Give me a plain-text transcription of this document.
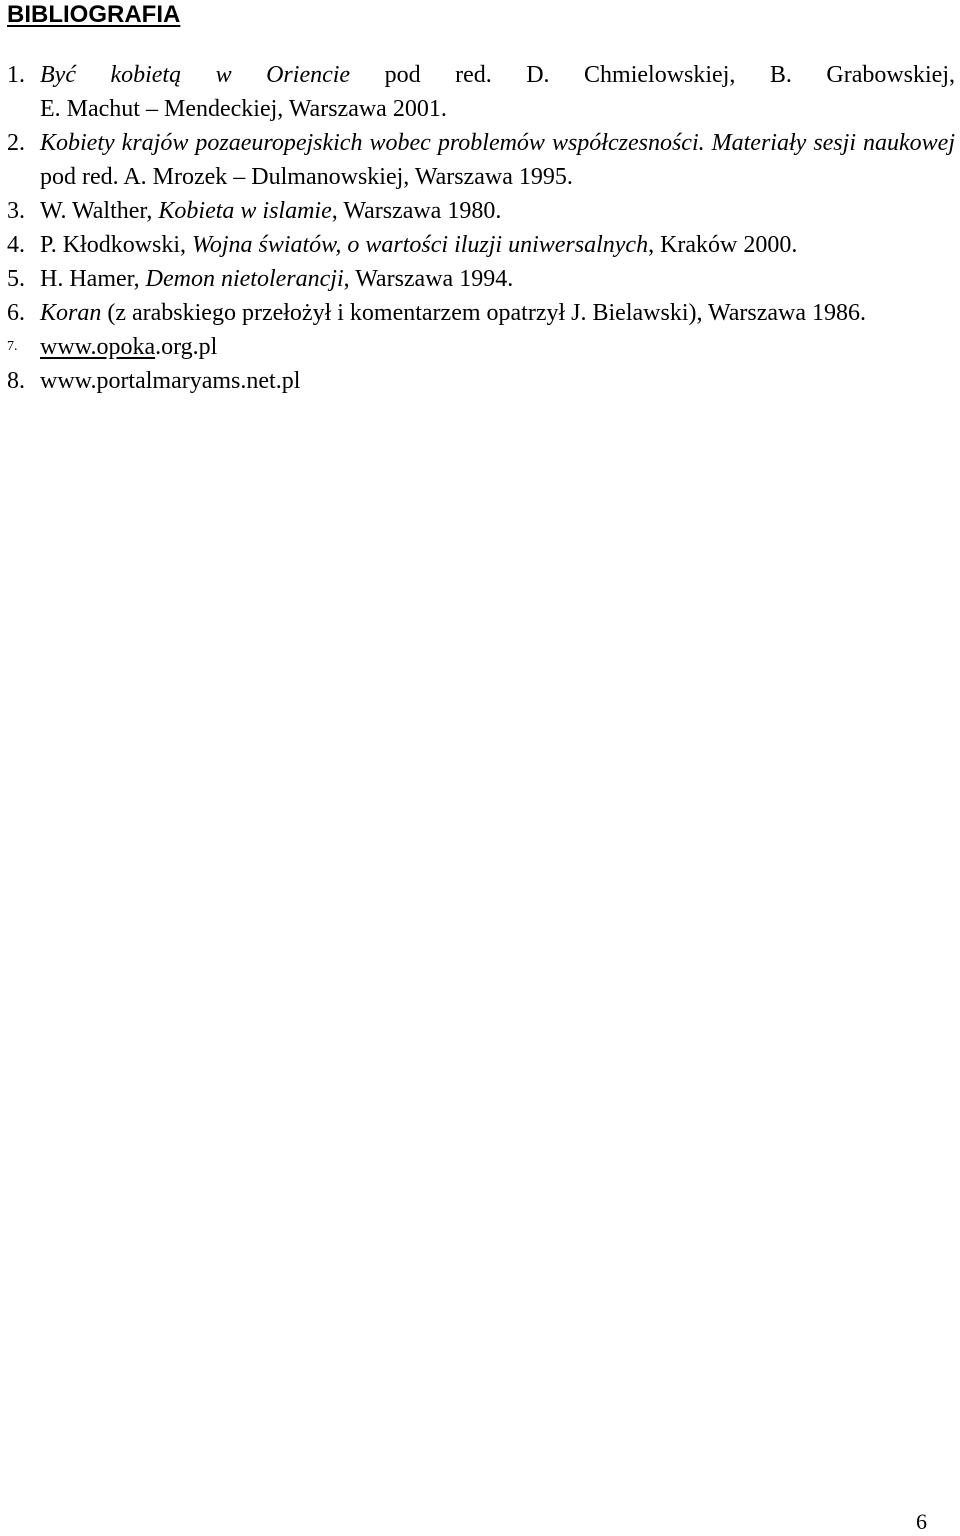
BIBLIOGRAFIA

1. Być kobietą w Oriencie pod red. D. Chmielowskiej, B. Grabowskiej,

E. Machut – Mendeckiej, Warszawa 2001.

2. Kobiety krajów pozaeuropejskich wobec problemów współczesności. Materiały sesji naukowej pod red. A. Mrozek – Dulmanowskiej, Warszawa 1995.

3. W. Walther, Kobieta w islamie, Warszawa 1980.

4. P. Kłodkowski, Wojna światów, o wartości iluzji uniwersalnych, Kraków 2000.

5. H. Hamer, Demon nietolerancji, Warszawa 1994.

6. Koran (z arabskiego przełożył i komentarzem opatrzył J. Bielawski), Warszawa 1986.

7. www.opoka.org.pl

8. www.portalmaryams.net.pl

6
